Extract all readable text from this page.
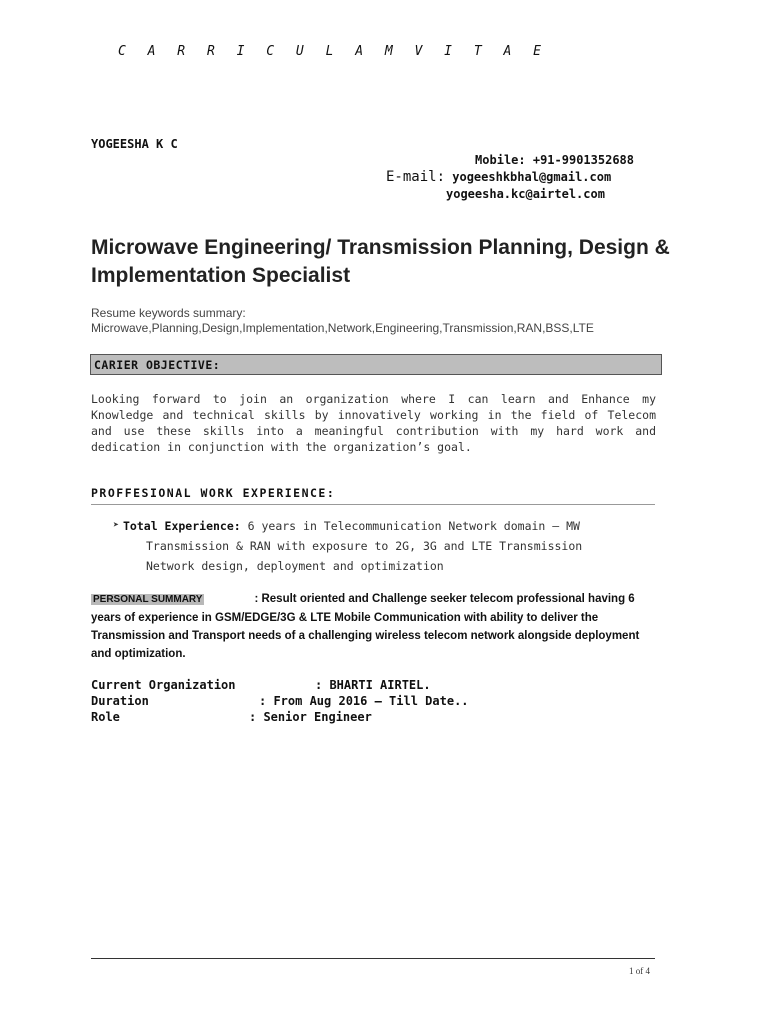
C A R R I C U L A M V I T A E
YOGEESHA K C
Mobile: +91-9901352688
E-mail: yogeeshkbhal@gmail.com
yogeesha.kc@airtel.com
Microwave Engineering/ Transmission Planning, Design & Implementation Specialist
Resume keywords summary:
Microwave,Planning,Design,Implementation,Network,Engineering,Transmission,RAN,BSS,LTE
CARIER OBJECTIVE:
Looking forward to join an organization where I can learn and Enhance my Knowledge and technical skills by innovatively working in the field of Telecom and use these skills into a meaningful contribution with my hard work and dedication in conjunction with the organization’s goal.
PROFFESIONAL WORK EXPERIENCE:
➤ Total Experience: 6 years in Telecommunication Network domain – MW
Transmission & RAN with exposure to 2G, 3G and LTE Transmission Network design, deployment and optimization
PERSONAL SUMMARY	: Result oriented and Challenge seeker telecom professional having 6 years of experience in GSM/EDGE/3G & LTE Mobile Communication with ability to deliver the Transmission and Transport needs of a challenging wireless telecom network alongside deployment and optimization.
Current Organization	: BHARTI AIRTEL.
Duration	: From Aug 2016 – Till Date..
Role	: Senior Engineer
1 of 4
